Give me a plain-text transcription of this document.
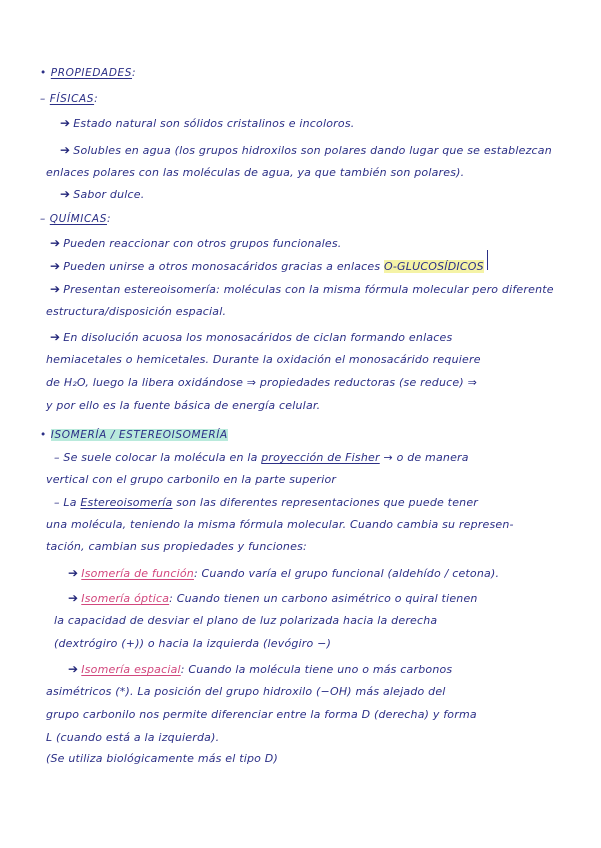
• PROPIEDADES:
– FÍSICAS:
➔ Estado natural son sólidos cristalinos e incoloros.
➔ Solubles en agua (los grupos hidroxilos son polares dando lugar que se establezcan
enlaces polares con las moléculas de agua, ya que también son polares).
➔ Sabor dulce.
– QUÍMICAS:
➔ Pueden reaccionar con otros grupos funcionales.
➔ Pueden unirse a otros monosacáridos gracias a enlaces O-GLUCOSÍDICOS
➔ Presentan estereoisomería: moléculas con la misma fórmula molecular pero diferente
estructura/disposición espacial.
➔ En disolución acuosa los monosacáridos de ciclan formando enlaces
hemiacetales o hemicetales. Durante la oxidación el monosacárido requiere
de H₂O, luego la libera oxidándose ⇒ propiedades reductoras (se reduce) ⇒
y por ello es la fuente básica de energía celular.
• ISOMERÍA / ESTEREOISOMERÍA
– Se suele colocar la molécula en la proyección de Fisher → o de manera
vertical con el grupo carbonilo en la parte superior
– La Estereoisomería son las diferentes representaciones que puede tener
una molécula, teniendo la misma fórmula molecular. Cuando cambia su represen-
tación, cambian sus propiedades y funciones:
➔ Isomería de función: Cuando varía el grupo funcional (aldehído / cetona).
➔ Isomería óptica: Cuando tienen un carbono asimétrico o quiral tienen
la capacidad de desviar el plano de luz polarizada hacia la derecha
(dextrógiro (+)) o hacia la izquierda (levógiro −)
➔ Isomería espacial: Cuando la molécula tiene uno o más carbonos
asimétricos (*). La posición del grupo hidroxilo (−OH) más alejado del
grupo carbonilo nos permite diferenciar entre la forma D (derecha) y forma
L (cuando está a la izquierda).
(Se utiliza biológicamente más el tipo D)
